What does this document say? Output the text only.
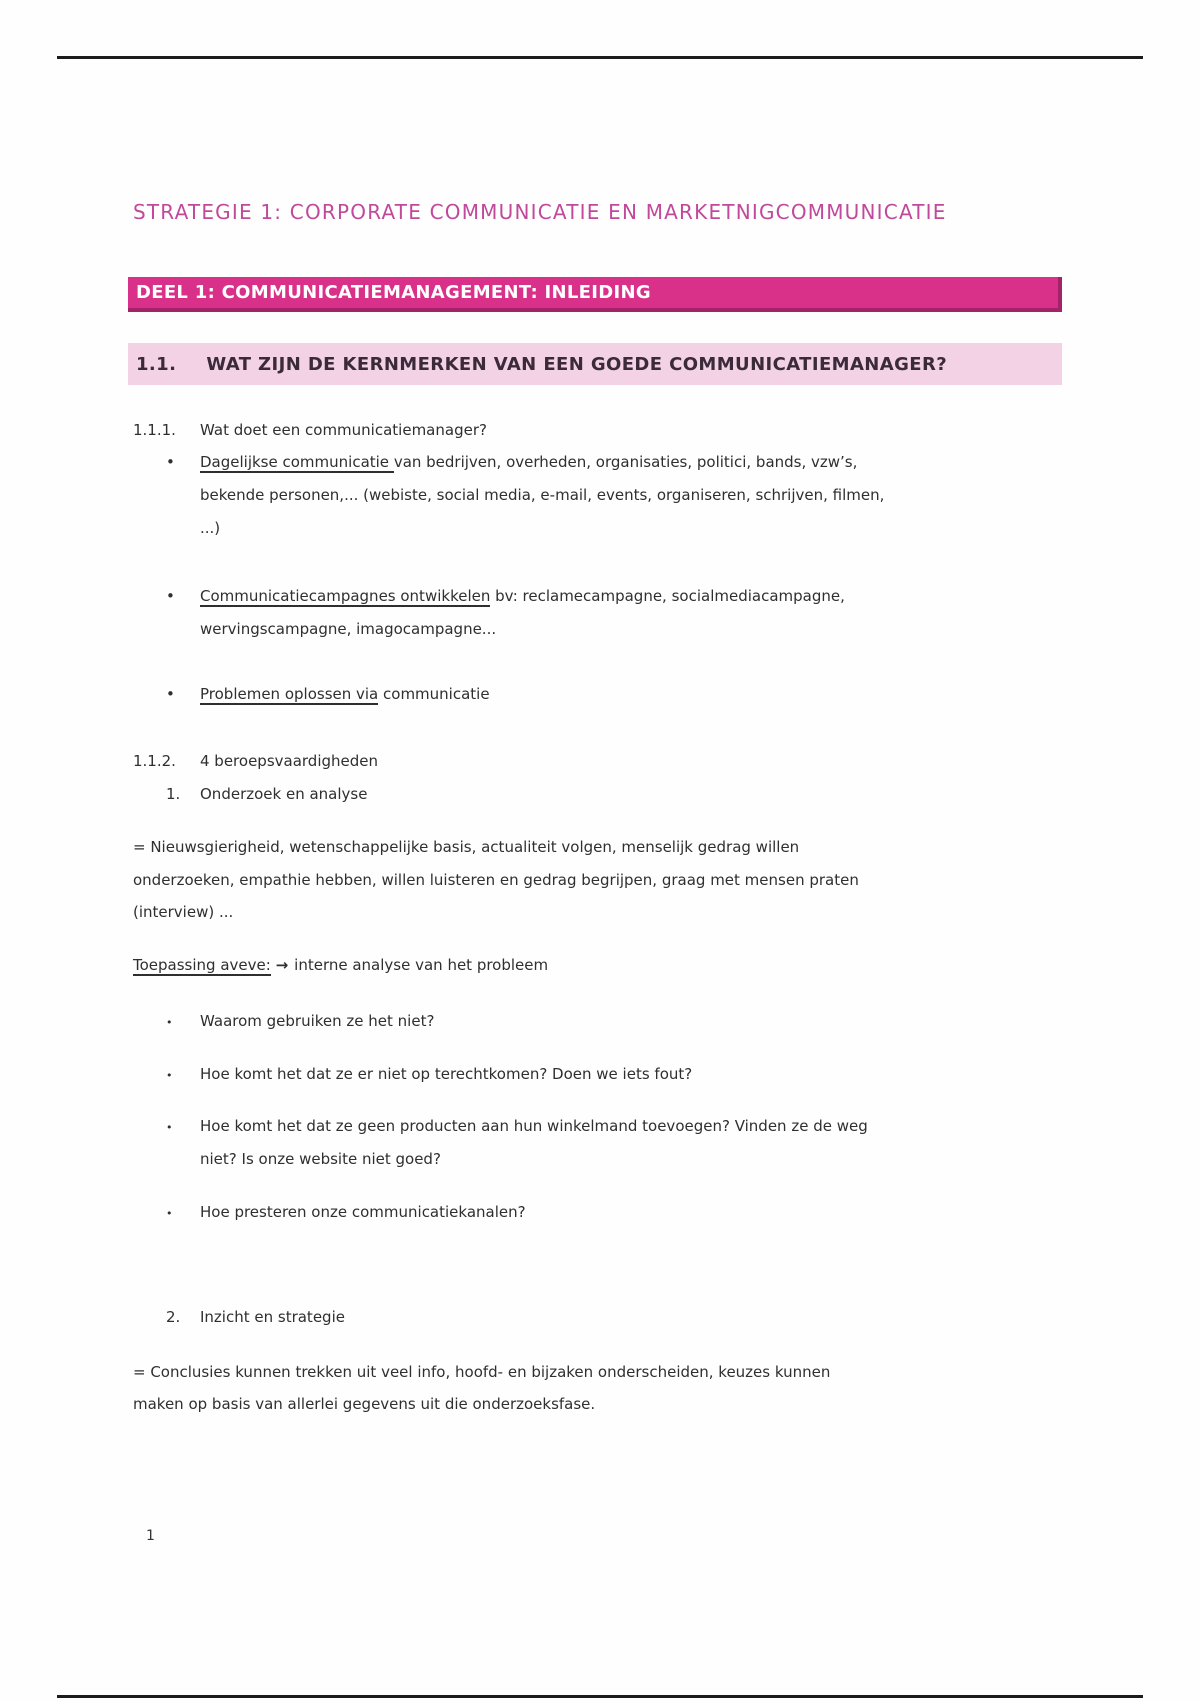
STRATEGIE 1: CORPORATE COMMUNICATIE EN MARKETNIGCOMMUNICATIE
DEEL 1: COMMUNICATIEMANAGEMENT: INLEIDING
1.1. WAT ZIJN DE KERNMERKEN VAN EEN GOEDE COMMUNICATIEMANAGER?
1.1.1. Wat doet een communicatiemanager?
• Dagelijkse communicatie van bedrijven, overheden, organisaties, politici, bands, vzw’s,
bekende personen,... (webiste, social media, e-mail, events, organiseren, schrijven, filmen,
...)
• Communicatiecampagnes ontwikkelen bv: reclamecampagne, socialmediacampagne,
wervingscampagne, imagocampagne...
• Problemen oplossen via communicatie
1.1.2. 4 beroepsvaardigheden
1. Onderzoek en analyse
= Nieuwsgierigheid, wetenschappelijke basis, actualiteit volgen, menselijk gedrag willen
onderzoeken, empathie hebben, willen luisteren en gedrag begrijpen, graag met mensen praten
(interview) ...
Toepassing aveve: → interne analyse van het probleem
• Waarom gebruiken ze het niet?
• Hoe komt het dat ze er niet op terechtkomen? Doen we iets fout?
• Hoe komt het dat ze geen producten aan hun winkelmand toevoegen? Vinden ze de weg
niet? Is onze website niet goed?
• Hoe presteren onze communicatiekanalen?
2. Inzicht en strategie
= Conclusies kunnen trekken uit veel info, hoofd- en bijzaken onderscheiden, keuzes kunnen
maken op basis van allerlei gegevens uit die onderzoeksfase.
1
